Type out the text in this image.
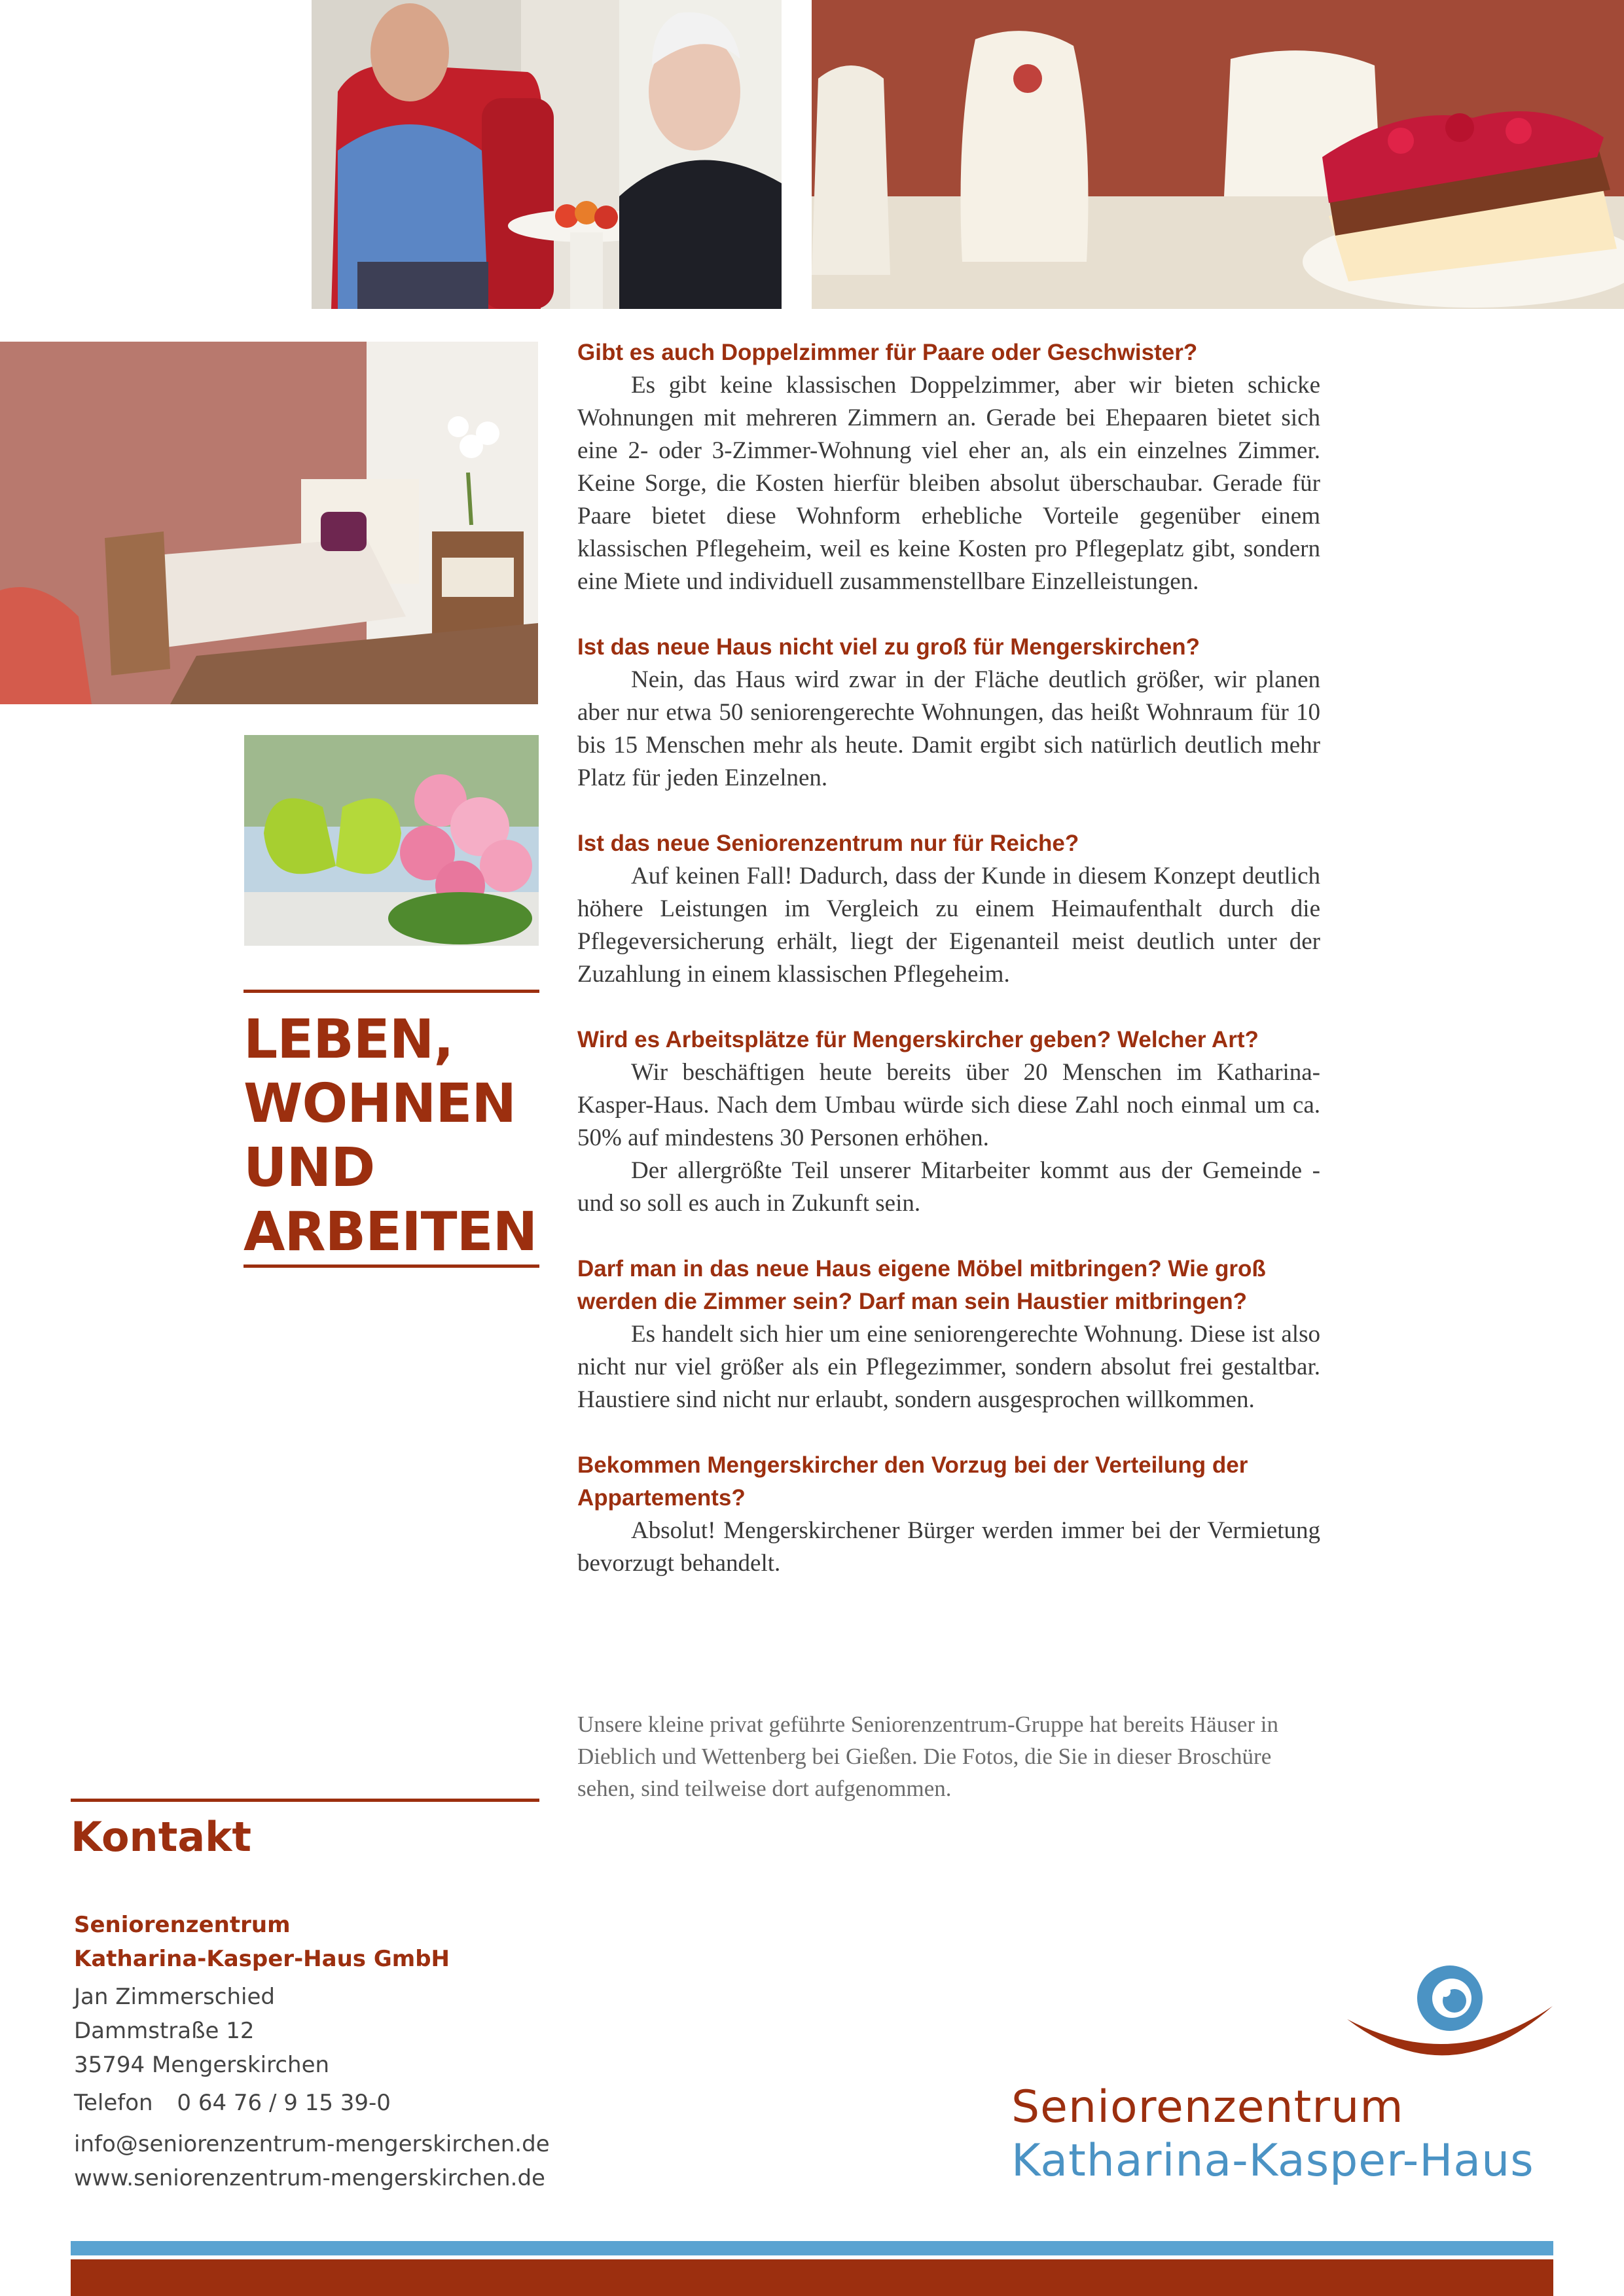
LEBEN,
WOHNEN
UND
ARBEITEN

Gibt es auch Doppelzimmer für Paare oder Geschwister?

Es gibt keine klassischen Doppelzimmer, aber wir bieten schicke Wohnungen mit mehreren Zimmern an. Gerade bei Ehepaaren bietet sich eine 2- oder 3-Zimmer-Wohnung viel eher an, als ein einzelnes Zimmer. Keine Sorge, die Kosten hierfür bleiben absolut überschaubar. Gerade für Paare bietet diese Wohnform erhebliche Vorteile gegenüber einem klassischen Pflegeheim, weil es keine Kosten pro Pflegeplatz gibt, sondern eine Miete und individuell zusammenstellbare Einzelleistungen.

Ist das neue Haus nicht viel zu groß für Mengerskirchen?

Nein, das Haus wird zwar in der Fläche deutlich größer, wir planen aber nur etwa 50 seniorengerechte Wohnungen, das heißt Wohnraum für 10 bis 15 Menschen mehr als heute. Damit ergibt sich natürlich deutlich mehr Platz für jeden Einzelnen.

Ist das neue Seniorenzentrum nur für Reiche?

Auf keinen Fall! Dadurch, dass der Kunde in diesem Konzept deutlich höhere Leistungen im Vergleich zu einem Heimaufenthalt durch die Pflegeversicherung erhält, liegt der Eigenanteil meist deutlich unter der Zuzahlung in einem klassischen Pflegeheim.

Wird es Arbeitsplätze für Mengerskircher geben? Welcher Art?

Wir beschäftigen heute bereits über 20 Menschen im Katharina-Kasper-Haus. Nach dem Umbau würde sich diese Zahl noch einmal um ca. 50% auf mindestens 30 Personen erhöhen.

Der allergrößte Teil unserer Mitarbeiter kommt aus der Gemeinde - und so soll es auch in Zukunft sein.

Darf man in das neue Haus eigene Möbel mitbringen? Wie groß werden die Zimmer sein? Darf man sein Haustier mitbringen?

Es handelt sich hier um eine seniorengerechte Wohnung. Diese ist also nicht nur viel größer als ein Pflegezimmer, sondern absolut frei gestaltbar. Haustiere sind nicht nur erlaubt, sondern ausgesprochen willkommen.

Bekommen Mengerskircher den Vorzug bei der Verteilung der Appartements?

Absolut! Mengerskirchener Bürger werden immer bei der Vermietung bevorzugt behandelt.

Unsere kleine privat geführte Seniorenzentrum-Gruppe hat bereits Häuser in Dieblich und Wettenberg bei Gießen. Die Fotos, die Sie in dieser Broschüre sehen, sind teilweise dort aufgenommen.
Kontakt
Seniorenzentrum
Katharina-Kasper-Haus GmbH
Jan Zimmerschied
Dammstraße 12
35794 Mengerskirchen
Telefon 0 64 76 / 9 15 39-0
info@seniorenzentrum-mengerskirchen.de
www.seniorenzentrum-mengerskirchen.de
Seniorenzentrum
Katharina-Kasper-Haus
